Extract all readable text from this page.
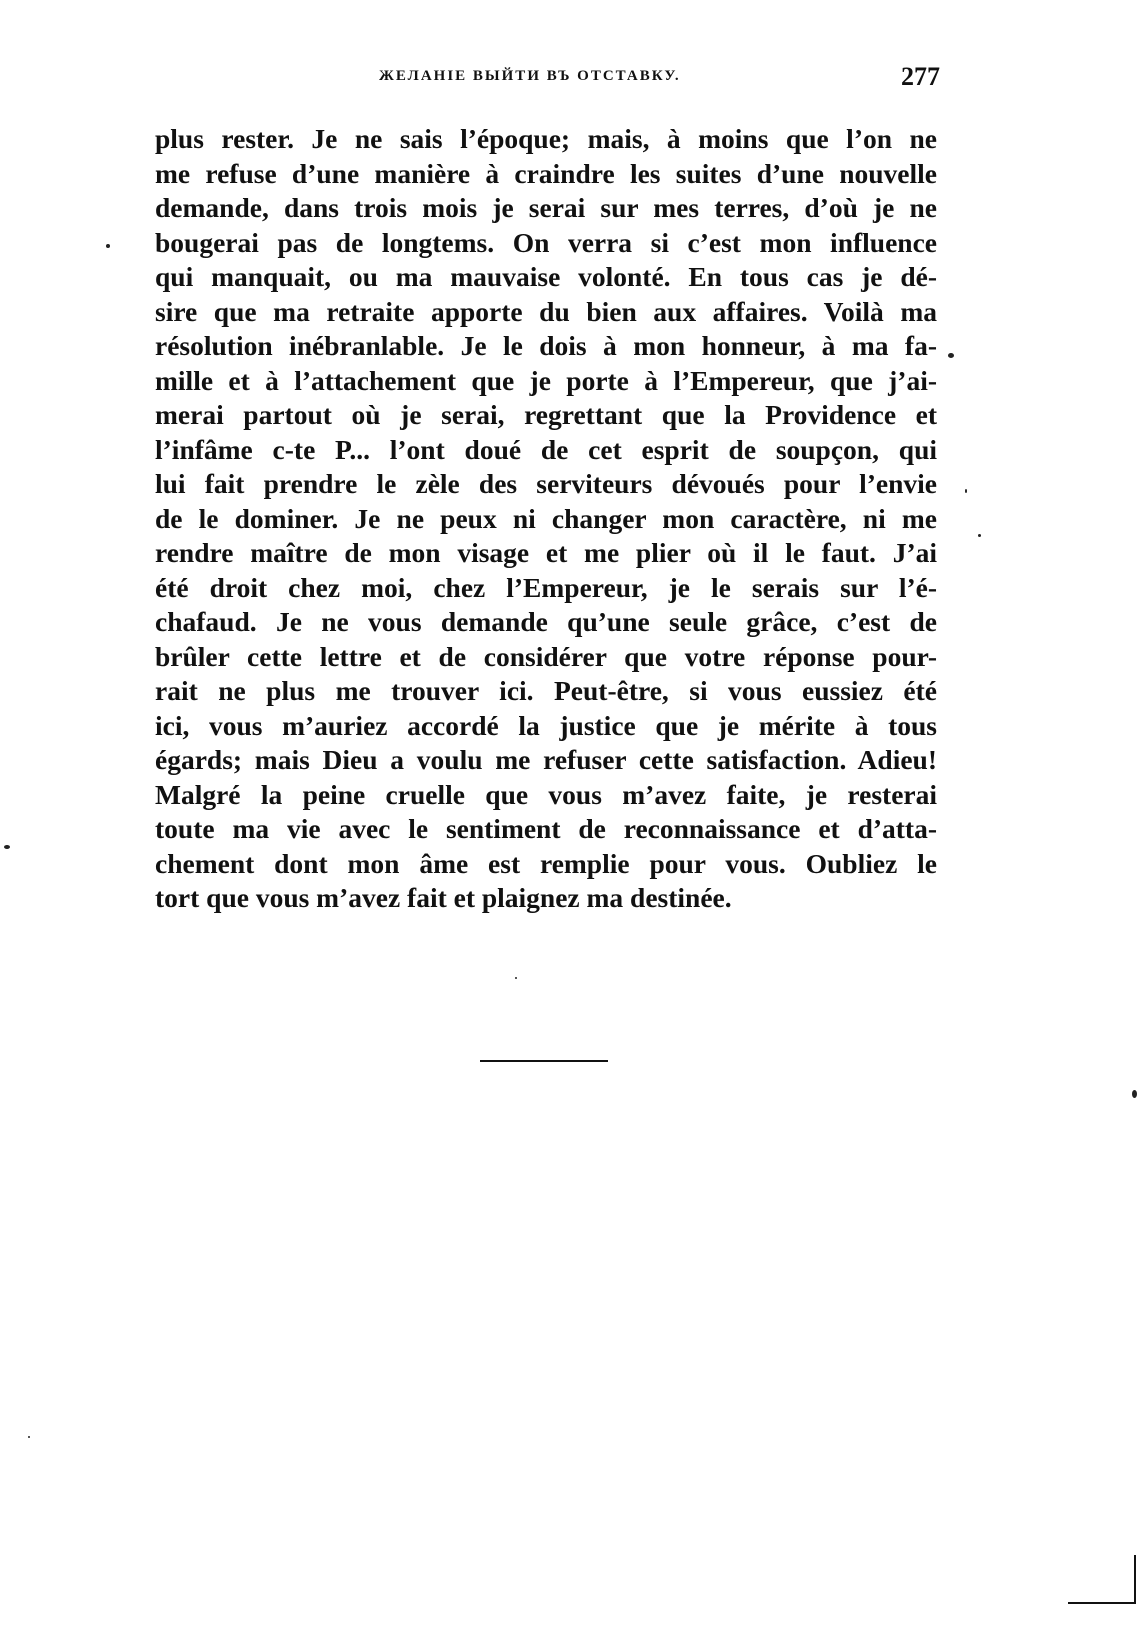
ЖЕЛАНІЕ ВЫЙТИ ВЪ ОТСТАВКУ.	277
plus rester. Je ne sais l’époque; mais, à moins que l’on ne
me refuse d’une manière à craindre les suites d’une nouvelle
demande, dans trois mois je serai sur mes terres, d’où je ne
bougerai pas de longtems. On verra si c’est mon influence
qui manquait, ou ma mauvaise volonté. En tous cas je dé-
sire que ma retraite apporte du bien aux affaires. Voilà ma
résolution inébranlable. Je le dois à mon honneur, à ma fa-
mille et à l’attachement que je porte à l’Empereur, que j’ai-
merai partout où je serai, regrettant que la Providence et
l’infâme c-te P... l’ont doué de cet esprit de soupçon, qui
lui fait prendre le zèle des serviteurs dévoués pour l’envie
de le dominer. Je ne peux ni changer mon caractère, ni me
rendre maître de mon visage et me plier où il le faut. J’ai
été droit chez moi, chez l’Empereur, je le serais sur l’é-
chafaud. Je ne vous demande qu’une seule grâce, c’est de
brûler cette lettre et de considérer que votre réponse pour-
rait ne plus me trouver ici. Peut-être, si vous eussiez été
ici, vous m’auriez accordé la justice que je mérite à tous
égards; mais Dieu a voulu me refuser cette satisfaction. Adieu!
Malgré la peine cruelle que vous m’avez faite, je resterai
toute ma vie avec le sentiment de reconnaissance et d’atta-
chement dont mon âme est remplie pour vous. Oubliez le
tort que vous m’avez fait et plaignez ma destinée.
